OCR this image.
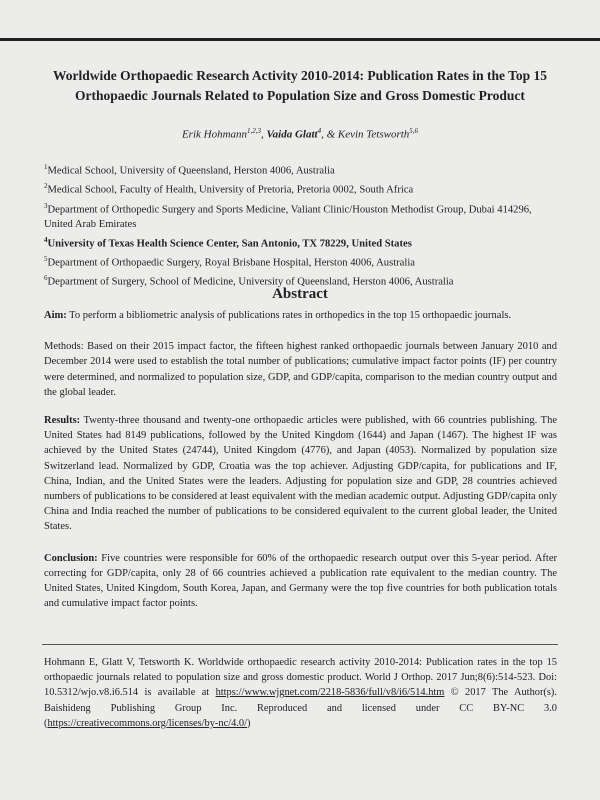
Worldwide Orthopaedic Research Activity 2010-2014: Publication Rates in the Top 15 Orthopaedic Journals Related to Population Size and Gross Domestic Product
Erik Hohmann$^{1,2,3}$, Vaida Glatt$^4$, & Kevin Tetsworth$^{5,6}$
$^1$Medical School, University of Queensland, Herston 4006, Australia
$^2$Medical School, Faculty of Health, University of Pretoria, Pretoria 0002, South Africa
$^3$Department of Orthopedic Surgery and Sports Medicine, Valiant Clinic/Houston Methodist Group, Dubai 414296, United Arab Emirates
$^4$University of Texas Health Science Center, San Antonio, TX 78229, United States
$^5$Department of Orthopaedic Surgery, Royal Brisbane Hospital, Herston 4006, Australia
$^6$Department of Surgery, School of Medicine, University of Queensland, Herston 4006, Australia
Abstract

Aim: To perform a bibliometric analysis of publications rates in orthopedics in the top 15 orthopaedic journals.

Methods: Based on their 2015 impact factor, the fifteen highest ranked orthopaedic journals between January 2010 and December 2014 were used to establish the total number of publications; cumulative impact factor points (IF) per country were determined, and normalized to population size, GDP, and GDP/capita, comparison to the median country output and the global leader.

Results: Twenty-three thousand and twenty-one orthopaedic articles were published, with 66 countries publishing. The United States had 8149 publications, followed by the United Kingdom (1644) and Japan (1467). The highest IF was achieved by the United States (24744), United Kingdom (4776), and Japan (4053). Normalized by population size Switzerland lead. Normalized by GDP, Croatia was the top achiever. Adjusting GDP/capita, for publications and IF, China, Indian, and the United States were the leaders. Adjusting for population size and GDP, 28 countries achieved numbers of publications to be considered at least equivalent with the median academic output. Adjusting GDP/capita only China and India reached the number of publications to be considered equivalent to the current global leader, the United States.

Conclusion: Five countries were responsible for 60% of the orthopaedic research output over this 5-year period. After correcting for GDP/capita, only 28 of 66 countries achieved a publication rate equivalent to the median country. The United States, United Kingdom, South Korea, Japan, and Germany were the top five countries for both publication totals and cumulative impact factor points.

Hohmann E, Glatt V, Tetsworth K. Worldwide orthopaedic research activity 2010-2014: Publication rates in the top 15 orthopaedic journals related to population size and gross domestic product. World J Orthop. 2017 Jun;8(6):514-523. Doi: 10.5312/wjo.v8.i6.514 is available at https://www.wjgnet.com/2218-5836/full/v8/i6/514.htm © 2017 The Author(s). Baishideng Publishing Group Inc. Reproduced and licensed under CC BY-NC 3.0 (https://creativecommons.org/licenses/by-nc/4.0/)
